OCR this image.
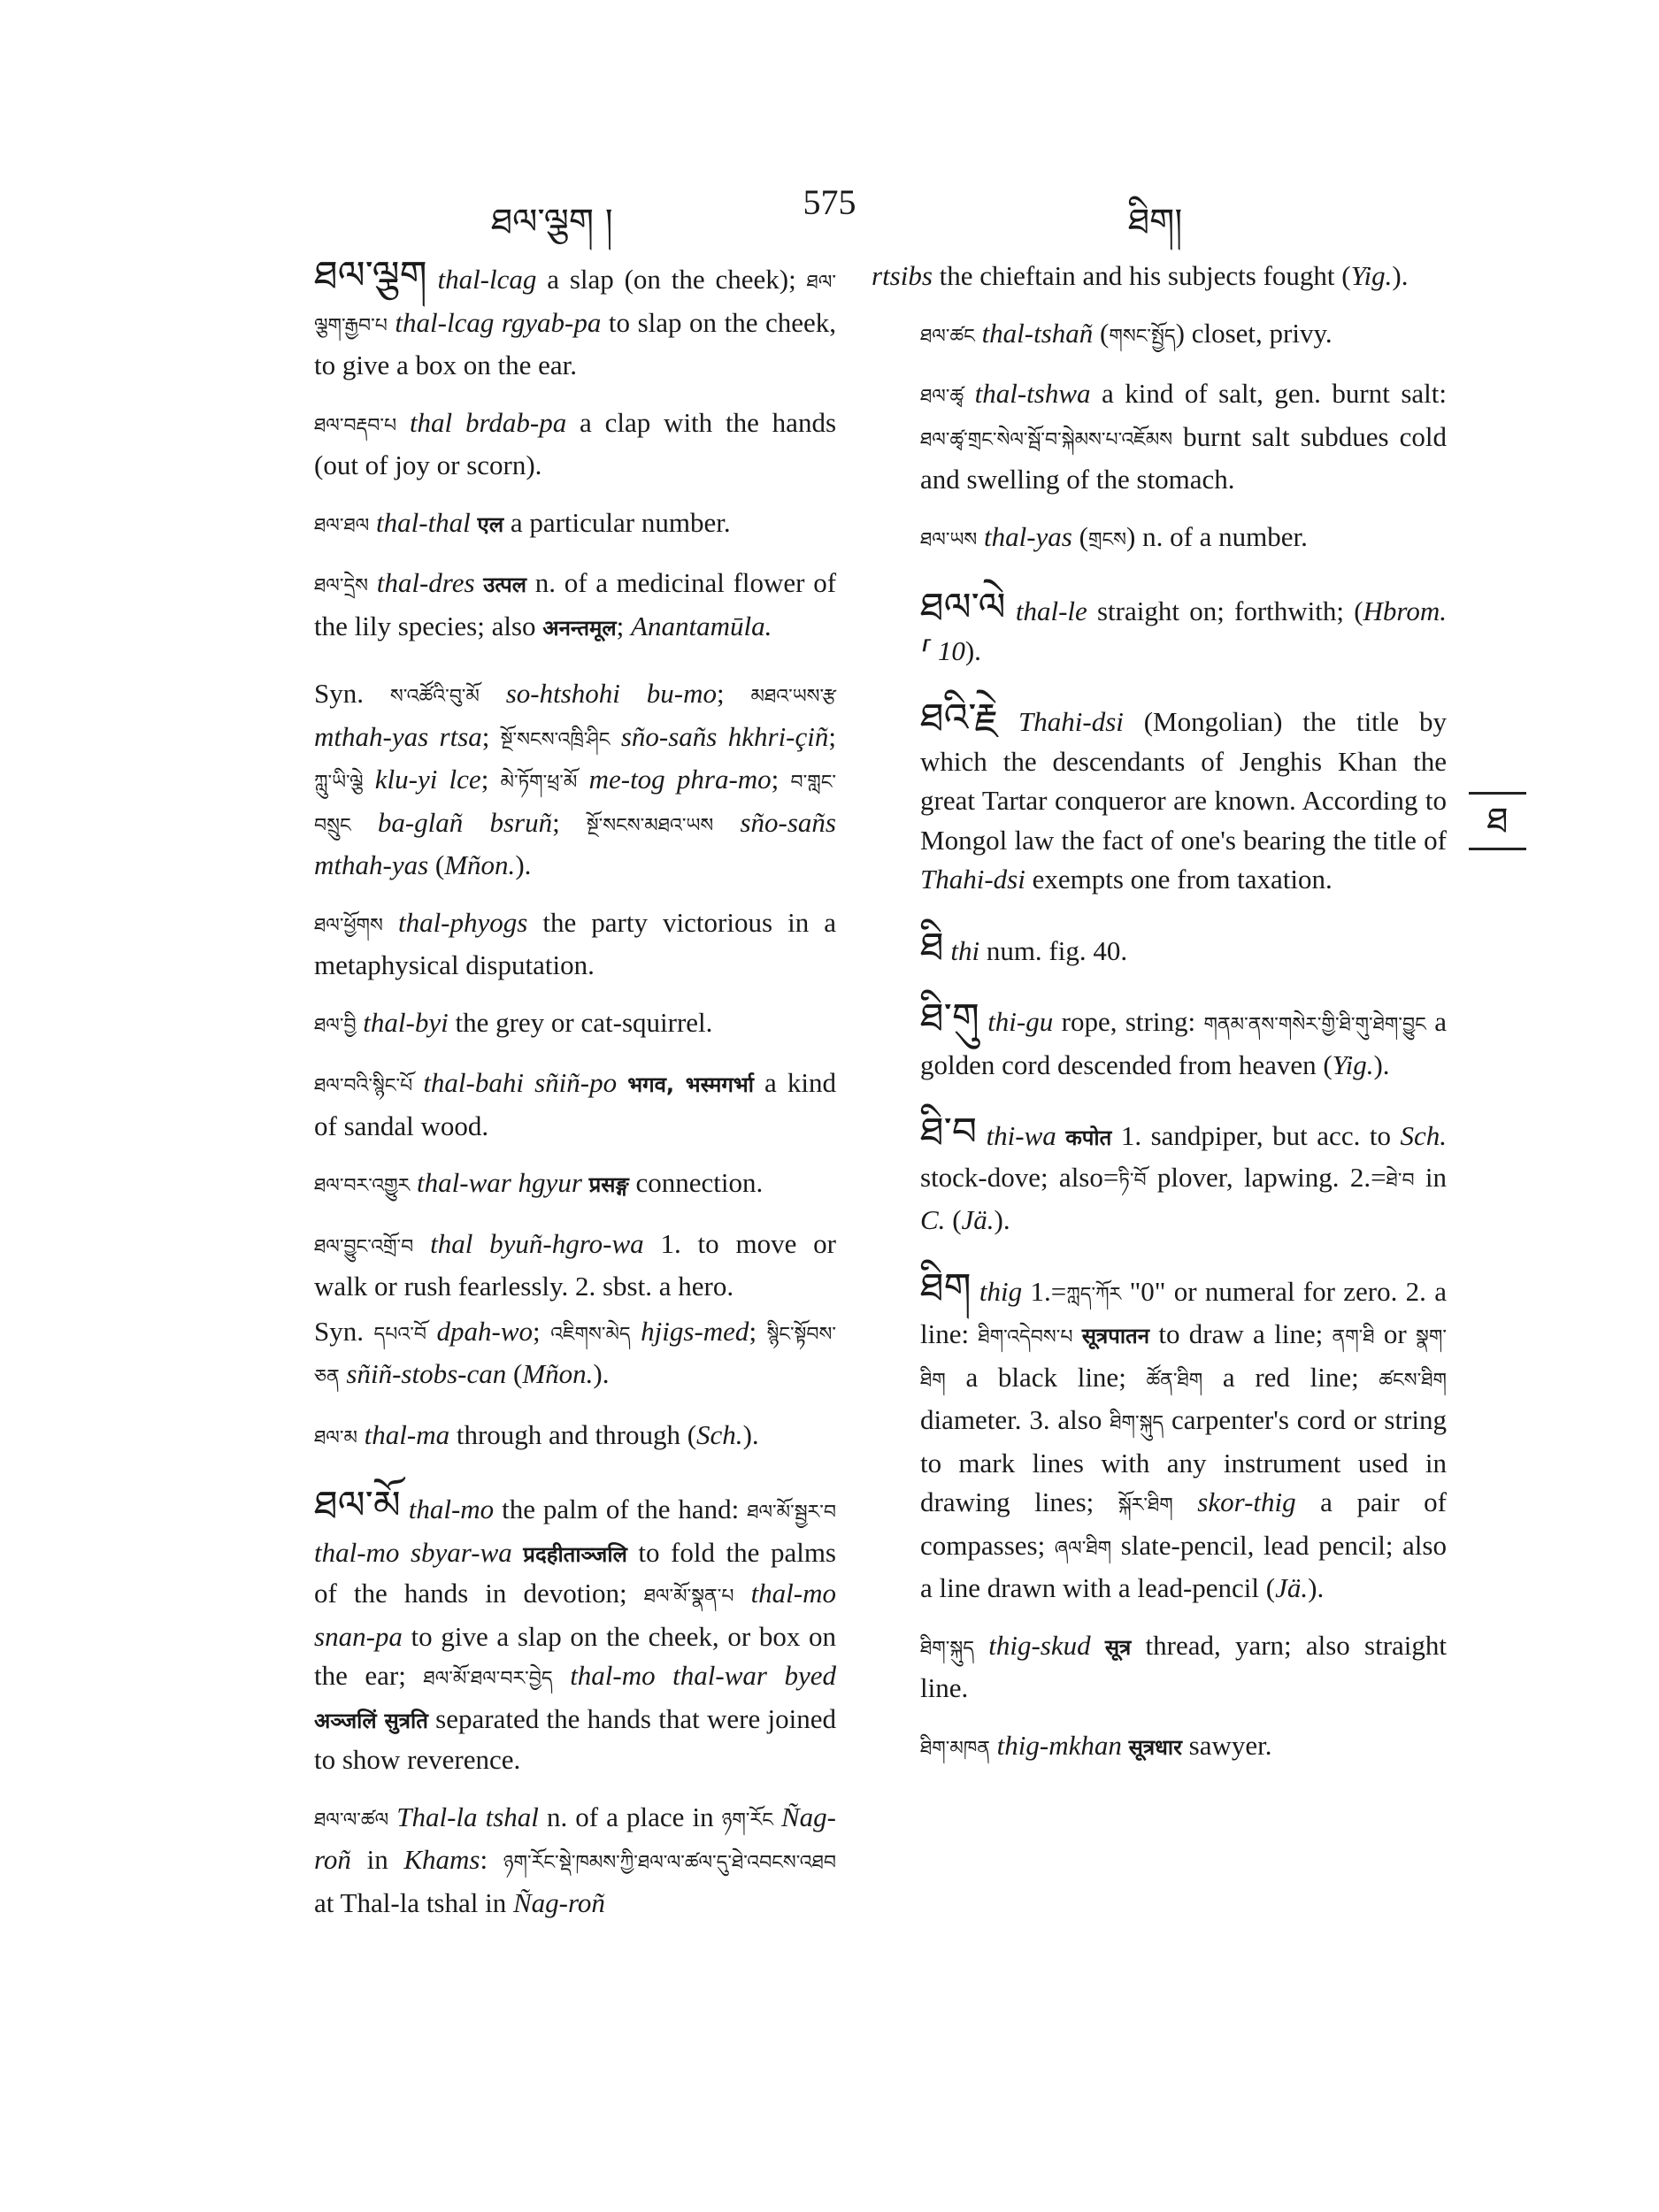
ཐལ་ལྕག །	575	ཐིག།
ཐ

ཐལ་ལྕག thal-lcag a slap (on the cheek); ཐལ་ལྕག་རྒྱབ་པ thal-lcag rgyab-pa to slap on the cheek, to give a box on the ear.

ཐལ་བརྡབ་པ thal brdab-pa a clap with the hands (out of joy or scorn).

ཐལ་ཐལ thal-thal एल a particular number.

ཐལ་དྲེས thal-dres उत्पल n. of a medicinal flower of the lily species; also अनन्तमूल; Anantamūla.

Syn. ས་འཚོའི་བུ་མོ so-htshohi bu-mo; མཐའ་ཡས་རྩ mthah-yas rtsa; སྔོ་སངས་འཁྲི་ཤིང sño-sañs hkhri-çiñ; ཀླུ་ཡི་ལྕེ klu-yi lce; མེ་ཏོག་ཕྲ་མོ me-tog phra-mo; བ་གླང་བསྲུང ba-glañ bsruñ; སྔོ་སངས་མཐའ་ཡས sño-sañs mthah-yas (Mñon.).

ཐལ་ཕྱོགས thal-phyogs the party victorious in a metaphysical disputation.

ཐལ་བྱི thal-byi the grey or cat-squirrel.

ཐལ་བའི་སྙིང་པོ thal-bahi sñiñ-po भगव, भस्मगर्भा a kind of sandal wood.

ཐལ་བར་འགྱུར thal-war hgyur प्रसङ्ग connection.

ཐལ་བྱུང་འགྲོ་བ thal byuñ-hgro-wa 1. to move or walk or rush fearlessly. 2. sbst. a hero.

Syn. དཔའ་བོ dpah-wo; འཇིགས་མེད hjigs-med; སྙིང་སྟོབས་ཅན sñiñ-stobs-can (Mñon.).

ཐལ་མ thal-ma through and through (Sch.).

ཐལ་མོ thal-mo the palm of the hand: ཐལ་མོ་སྦྱར་བ thal-mo sbyar-wa प्रदहीताञ्जलि to fold the palms of the hands in devotion; ཐལ་མོ་སྣན་པ thal-mo snan-pa to give a slap on the cheek, or box on the ear; ཐལ་མོ་ཐལ་བར་བྱེད thal-mo thal-war byed अञ्जलिं सुत्रति separated the hands that were joined to show reverence.

ཐལ་ལ་ཚལ Thal-la tshal n. of a place in ཉག་རོང Ñag-roñ in Khams: ཉག་རོང་སྡེ་ཁམས་ཀྱི་ཐལ་ལ་ཚལ་དུ་ཐེ་འབངས་འཐབ at Thal-la tshal in Ñag-roñ

rtsibs the chieftain and his subjects fought (Yig.).

ཐལ་ཚང thal-tshañ (གསང་སྤྱོད) closet, privy.

ཐལ་ཚྭ thal-tshwa a kind of salt, gen. burnt salt: ཐལ་ཚྭ་གྲང་སེལ་སྦོ་བ་སྐེམས་པ་འཇོམས burnt salt subdues cold and swelling of the stomach.

ཐལ་ཡས thal-yas (གྲངས) n. of a number.

ཐལ་ལེ thal-le straight on; forthwith; (Hbrom. ⸢ 10).

ཐའི་རྗེ Thahi-dsi (Mongolian) the title by which the descendants of Jenghis Khan the great Tartar conqueror are known. According to Mongol law the fact of one's bearing the title of Thahi-dsi exempts one from taxation.

ཐི thi num. fig. 40.

ཐི་གུ thi-gu rope, string: གནམ་ནས་གསེར་གྱི་ཐི་གུ་ཐེག་བྱུང a golden cord descended from heaven (Yig.).

ཐི་བ thi-wa कपोत 1. sandpiper, but acc. to Sch. stock-dove; also=ཏི་བོ plover, lapwing. 2.=ཐེ་བ in C. (Jä.).

ཐིག thig 1.=ཀླད་ཀོར "0" or numeral for zero. 2. a line: ཐིག་འདེབས་པ सूत्रपातन to draw a line; ནག་ཐི or སྣག་ཐིག a black line; ཚོན་ཐིག a red line; ཚངས་ཐིག diameter. 3. also ཐིག་སྐུད carpenter's cord or string to mark lines with any instrument used in drawing lines; སྐོར་ཐིག skor-thig a pair of compasses; ཞལ་ཐིག slate-pencil, lead pencil; also a line drawn with a lead-pencil (Jä.).

ཐིག་སྐུད thig-skud सूत्र thread, yarn; also straight line.

ཐིག་མཁན thig-mkhan सूत्रधार sawyer.
